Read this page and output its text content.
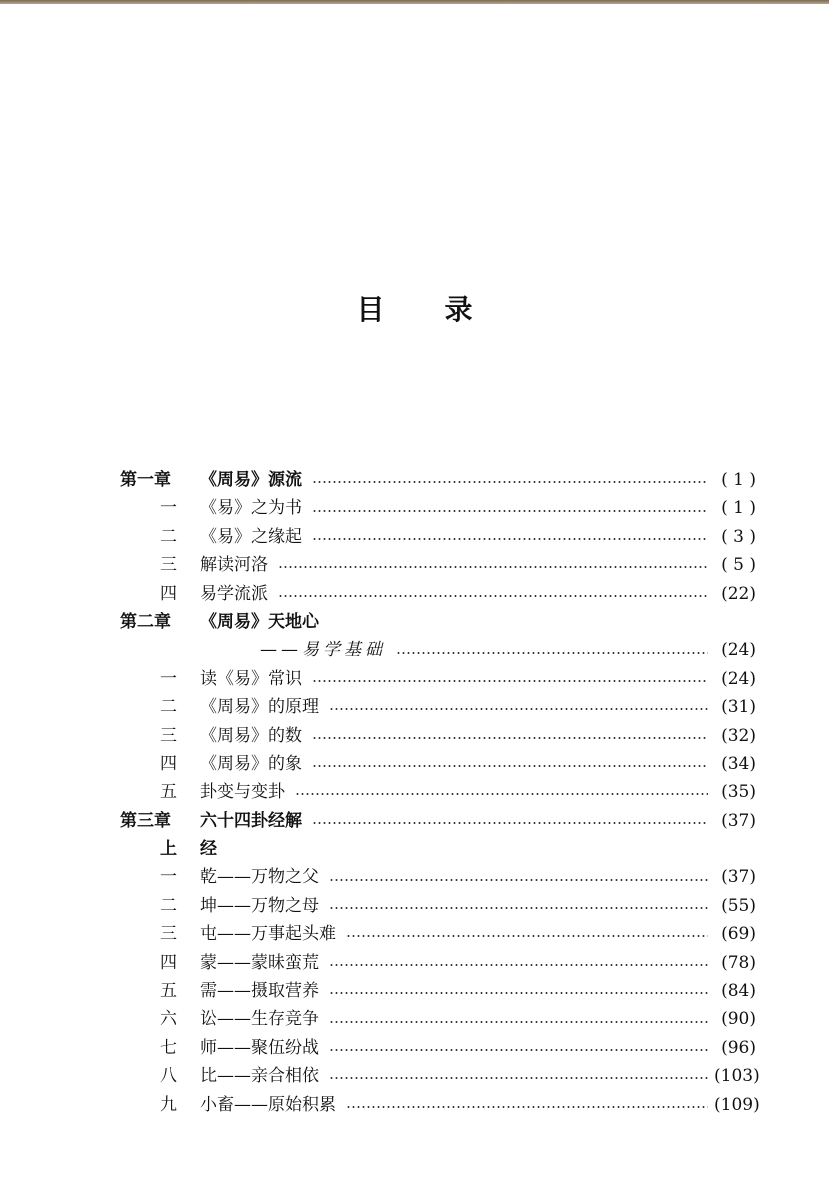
目 录
第一章	《周易》源流	( 1 )
一	《易》之为书	( 1 )
二	《易》之缘起	( 3 )
三	解读河洛	( 5 )
四	易学流派	(22)
第二章	《周易》天地心
——易学基础	(24)
一	读《易》常识	(24)
二	《周易》的原理	(31)
三	《周易》的数	(32)
四	《周易》的象	(34)
五	卦变与变卦	(35)
第三章	六十四卦经解	(37)
上	经
一	乾——万物之父	(37)
二	坤——万物之母	(55)
三	屯——万事起头难	(69)
四	蒙——蒙昧蛮荒	(78)
五	需——摄取营养	(84)
六	讼——生存竞争	(90)
七	师——聚伍纷战	(96)
八	比——亲合相依	(103)
九	小畜——原始积累	(109)
